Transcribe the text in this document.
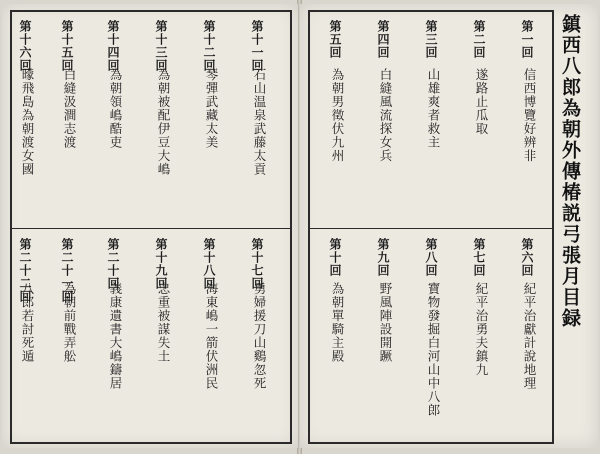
第十一回
石山温泉武藤太貢
第十二回
琴彈武藏太美
第十三回
為朝被配伊豆大嶋
第十四回
為朝領嶋酷吏
第十五回
白縫汲澗志渡
第十六回
曚飛島為朝渡女國
第十七回
勇婦援刀山鷄忽死
第十八回
海東嶋一箭伏洲民
第十九回
忠重被謀失土
第二十回
義康遺書大嶋鑄居
第二十一回
為朝前戰弄舩
第二十二回
八郎若討死遁	鎮西八郎為朝外傳椿説弓張月目録
第一回
信西博覽好辨非
第二回
遂路止瓜取
第三回
山雄爽者救主
第四回
白縫風流探女兵
第五回
為朝男徵伏九州
第六回
紀平治獻計說地理
第七回
紀平治勇夫鎮九
第八回
寶物發掘白河山中八郎
第九回
野風陣設開蹶
第十回
為朝單騎主殿
